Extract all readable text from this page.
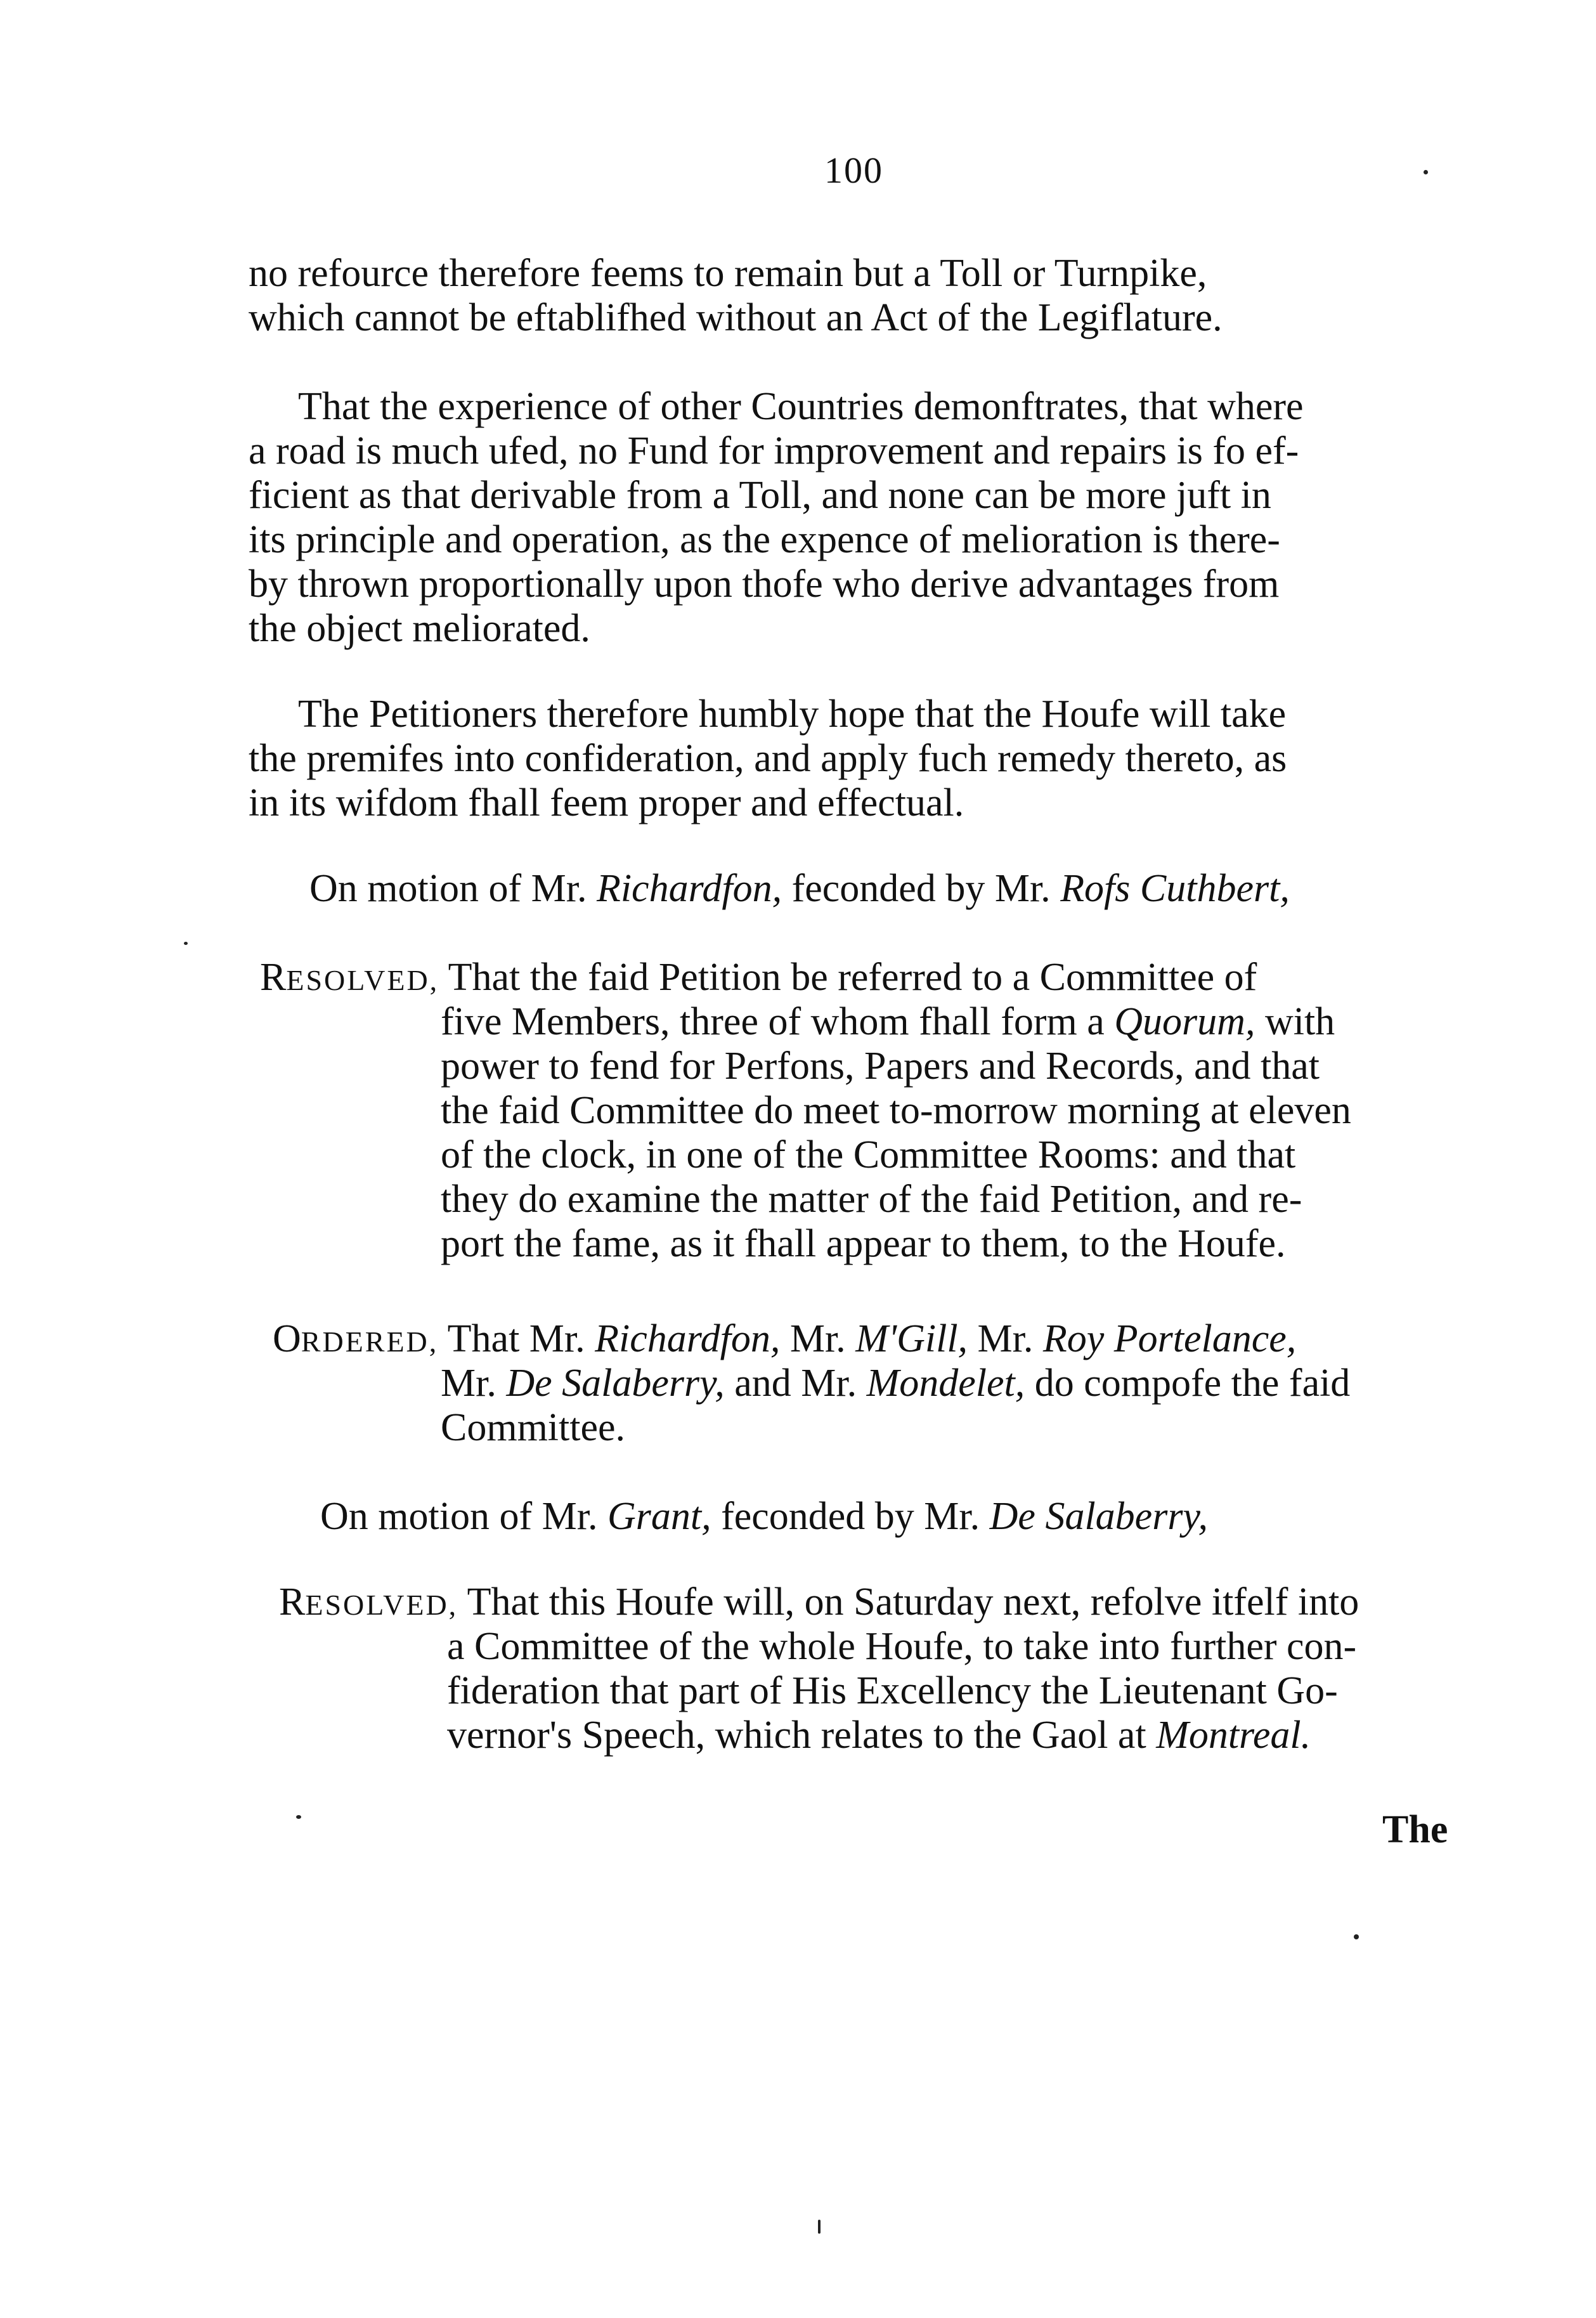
100
no refource therefore feems to remain but a Toll or Turnpike,
which cannot be eftablifhed without an Act of the Legiflature.
That the experience of other Countries demonftrates, that where
a road is much ufed, no Fund for improvement and repairs is fo ef-
ficient as that derivable from a Toll, and none can be more juft in
its principle and operation, as the expence of melioration is there-
by thrown proportionally upon thofe who derive advantages from
the object meliorated.
The Petitioners therefore humbly hope that the Houfe will take
the premifes into confideration, and apply fuch remedy thereto, as
in its wifdom fhall feem proper and effectual.
On motion of Mr. Richardfon, feconded by Mr. Rofs Cuthbert,
RESOLVED, That the faid Petition be referred to a Committee of
five Members, three of whom fhall form a Quorum, with
power to fend for Perfons, Papers and Records, and that
the faid Committee do meet to-morrow morning at eleven
of the clock, in one of the Committee Rooms: and that
they do examine the matter of the faid Petition, and re-
port the fame, as it fhall appear to them, to the Houfe.
ORDERED, That Mr. Richardfon, Mr. M'Gill, Mr. Roy Portelance,
Mr. De Salaberry, and Mr. Mondelet, do compofe the faid
Committee.
On motion of Mr. Grant, feconded by Mr. De Salaberry,
RESOLVED, That this Houfe will, on Saturday next, refolve itfelf into
a Committee of the whole Houfe, to take into further con-
fideration that part of His Excellency the Lieutenant Go-
vernor's Speech, which relates to the Gaol at Montreal.
The
